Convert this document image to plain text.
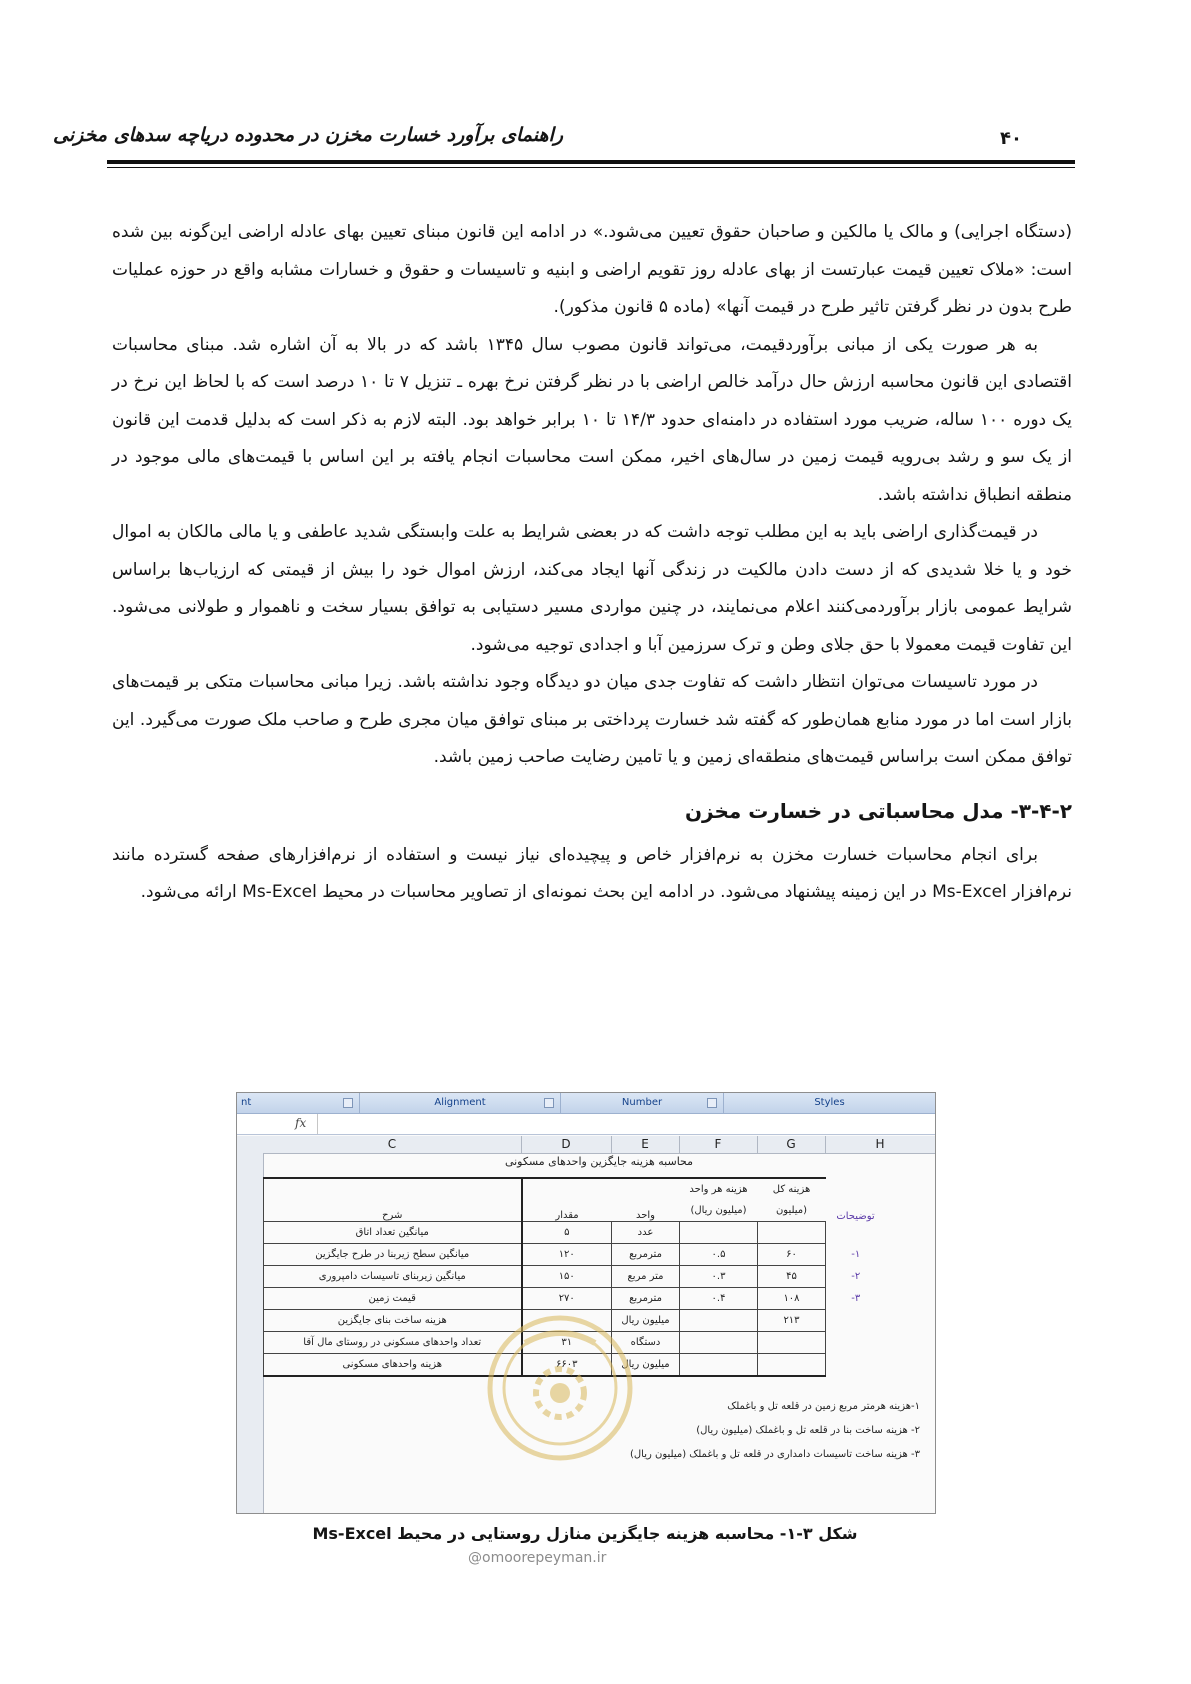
۴۰
راهنمای برآورد خسارت مخزن در محدوده دریاچه سدهای مخزنی

(دستگاه اجرایی) و مالک یا مالکین و صاحبان حقوق تعیین می‌شود.» در ادامه این قانون مبنای تعیین بهای عادله اراضی این‌گونه بین شده است: «ملاک تعیین قیمت عبارتست از بهای عادله روز تقویم اراضی و ابنیه و تاسیسات و حقوق و خسارات مشابه واقع در حوزه عملیات طرح بدون در نظر گرفتن تاثیر طرح در قیمت آنها» (ماده ۵ قانون مذکور).

به هر صورت یکی از مبانی برآوردقیمت، می‌تواند قانون مصوب سال ۱۳۴۵ باشد که در بالا به آن اشاره شد. مبنای محاسبات اقتصادی این قانون محاسبه ارزش حال درآمد خالص اراضی با در نظر گرفتن نرخ بهره ـ تنزیل ۷ تا ۱۰ درصد است که با لحاظ این نرخ در یک دوره ۱۰۰ ساله، ضریب مورد استفاده در دامنه‌ای حدود ۱۴/۳ تا ۱۰ برابر خواهد بود. البته لازم به ذکر است که بدلیل قدمت این قانون از یک سو و رشد بی‌رویه قیمت زمین در سال‌های اخیر، ممکن است محاسبات انجام یافته بر این اساس با قیمت‌های مالی موجود در منطقه انطباق نداشته باشد.

در قیمت‌گذاری اراضی باید به این مطلب توجه داشت که در بعضی شرایط به علت وابستگی شدید عاطفی و یا مالی مالکان به اموال خود و یا خلا شدیدی که از دست دادن مالکیت در زندگی آنها ایجاد می‌کند، ارزش اموال خود را بیش از قیمتی که ارزیاب‌ها براساس شرایط عمومی بازار برآوردمی‌کنند اعلام می‌نمایند، در چنین مواردی مسیر دستیابی به توافق بسیار سخت و ناهموار و طولانی می‌شود. این تفاوت قیمت معمولا با حق جلای وطن و ترک سرزمین آبا و اجدادی توجیه می‌شود.

در مورد تاسیسات می‌توان انتظار داشت که تفاوت جدی میان دو دیدگاه وجود نداشته باشد. زیرا مبانی محاسبات متکی بر قیمت‌های بازار است اما در مورد منابع همان‌طور که گفته شد خسارت پرداختی بر مبنای توافق میان مجری طرح و صاحب ملک صورت می‌گیرد. این توافق ممکن است براساس قیمت‌های منطقه‌ای زمین و یا تامین رضایت صاحب زمین باشد.

۳-۴-۲- مدل محاسباتی در خسارت مخزن

برای انجام محاسبات خسارت مخزن به نرم‌افزار خاص و پیچیده‌ای نیاز نیست و استفاده از نرم‌افزارهای صفحه گسترده مانند نرم‌افزار Ms-Excel در این زمینه پیشنهاد می‌شود. در ادامه این بحث نمونه‌ای از تصاویر محاسبات در محیط Ms-Excel ارائه می‌شود.

nt	Alignment	Number	Styles
fx
C	D	E	F	G	H
محاسبه هزینه جایگزین واحدهای مسکونی
توضیحات	هزینه کل	هزینه هر واحد	واحد	مقدار	شرح
	(میلیون	(میلیون ریال)			
			عدد	۵	میانگین تعداد اتاق
۱-	۶۰	۰.۵	مترمربع	۱۲۰	میانگین سطح زیربنا در طرح جایگزین
۲-	۴۵	۰.۳	متر مربع	۱۵۰	میانگین زیربنای تاسیسات دامپروری
۳-	۱۰۸	۰.۴	مترمربع	۲۷۰	قیمت زمین
	۲۱۳		میلیون ریال		هزینه ساخت بنای جایگزین
			دستگاه	۳۱	تعداد واحدهای مسکونی در روستای مال آقا
			میلیون ریال	۶۶۰۳	هزینه واحدهای مسکونی
۱-هزینه هرمتر مربع زمین در قلعه تل و باغملک
۲- هزینه ساخت بنا در قلعه تل و باغملک (میلیون ریال)
۳- هزینه ساخت تاسیسات دامداری در قلعه تل و باغملک (میلیون ریال)
شکل ۳-۱- محاسبه هزینه جایگزین منازل روستایی در محیط Ms-Excel
@omoorepeyman.ir
